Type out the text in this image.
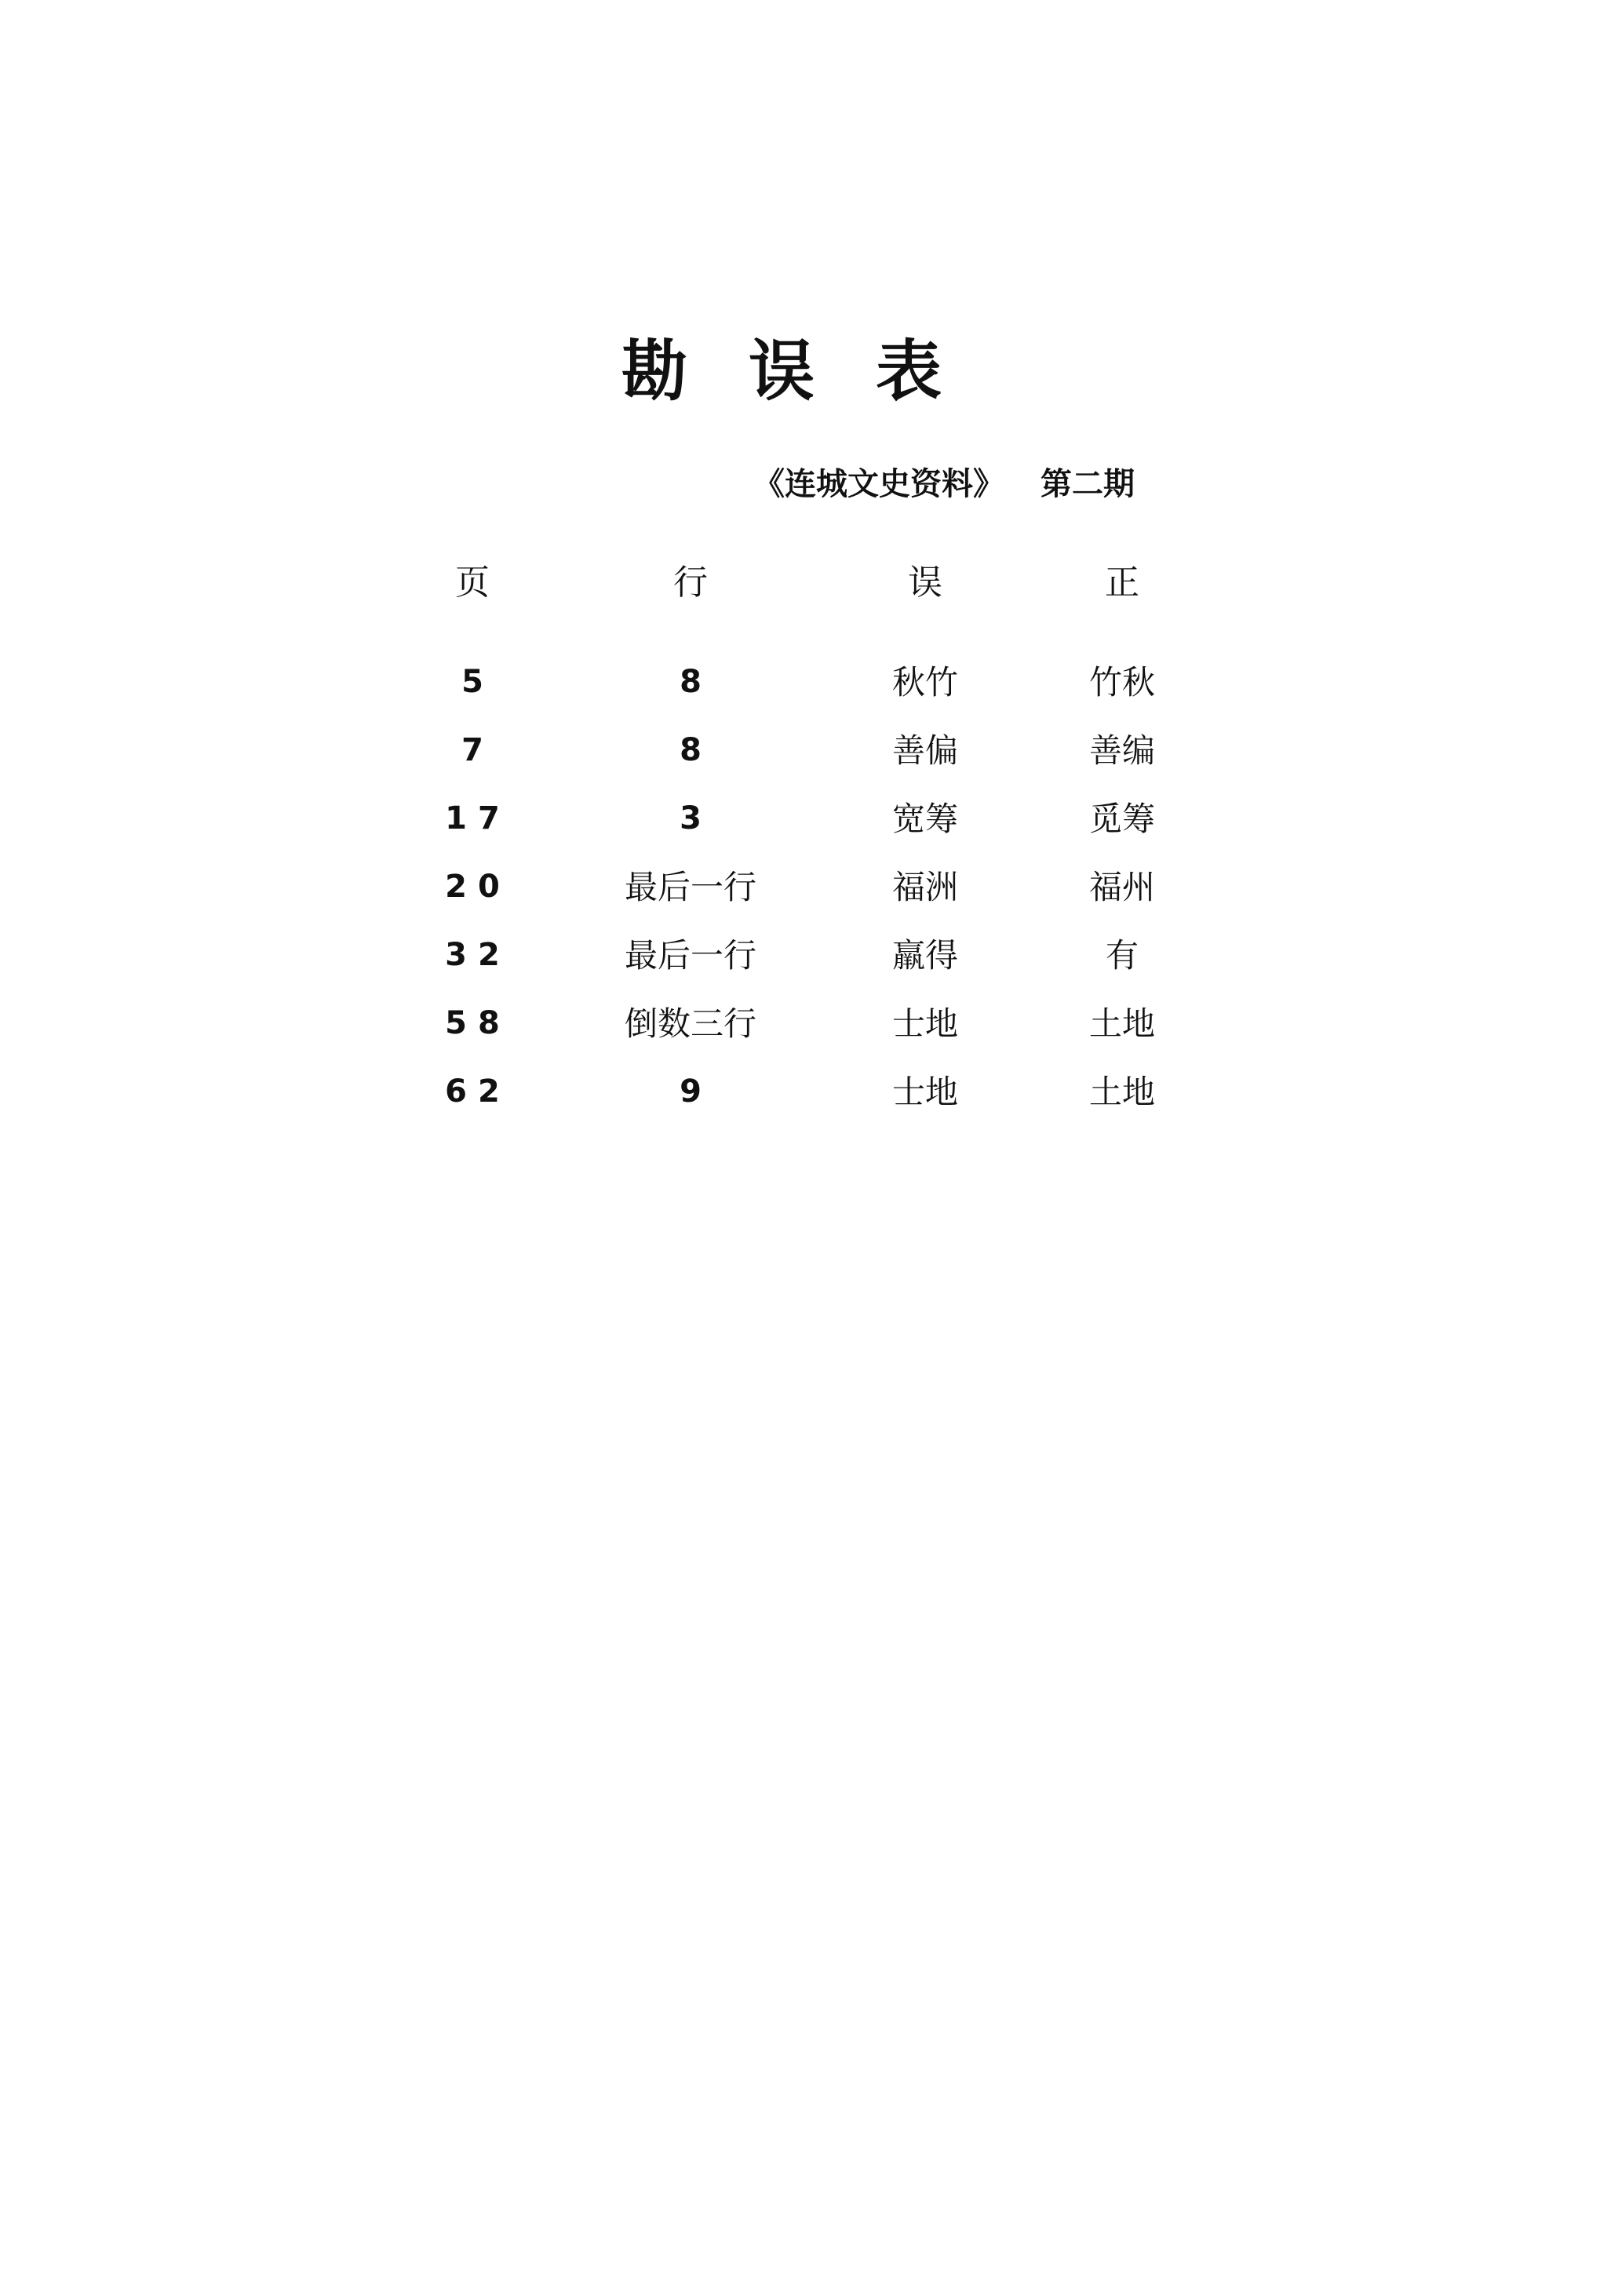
勘误表
《连城文史资料》 第二期
页	行	误	正
5	8	秋竹	竹秋
7	8	善偏	善编
17	3	宽筹	觅筹
20	最后一行	福洲	福州
32	最后一行	羸得	有
58	倒数三行	士地	土地
62	9	士地	土地
